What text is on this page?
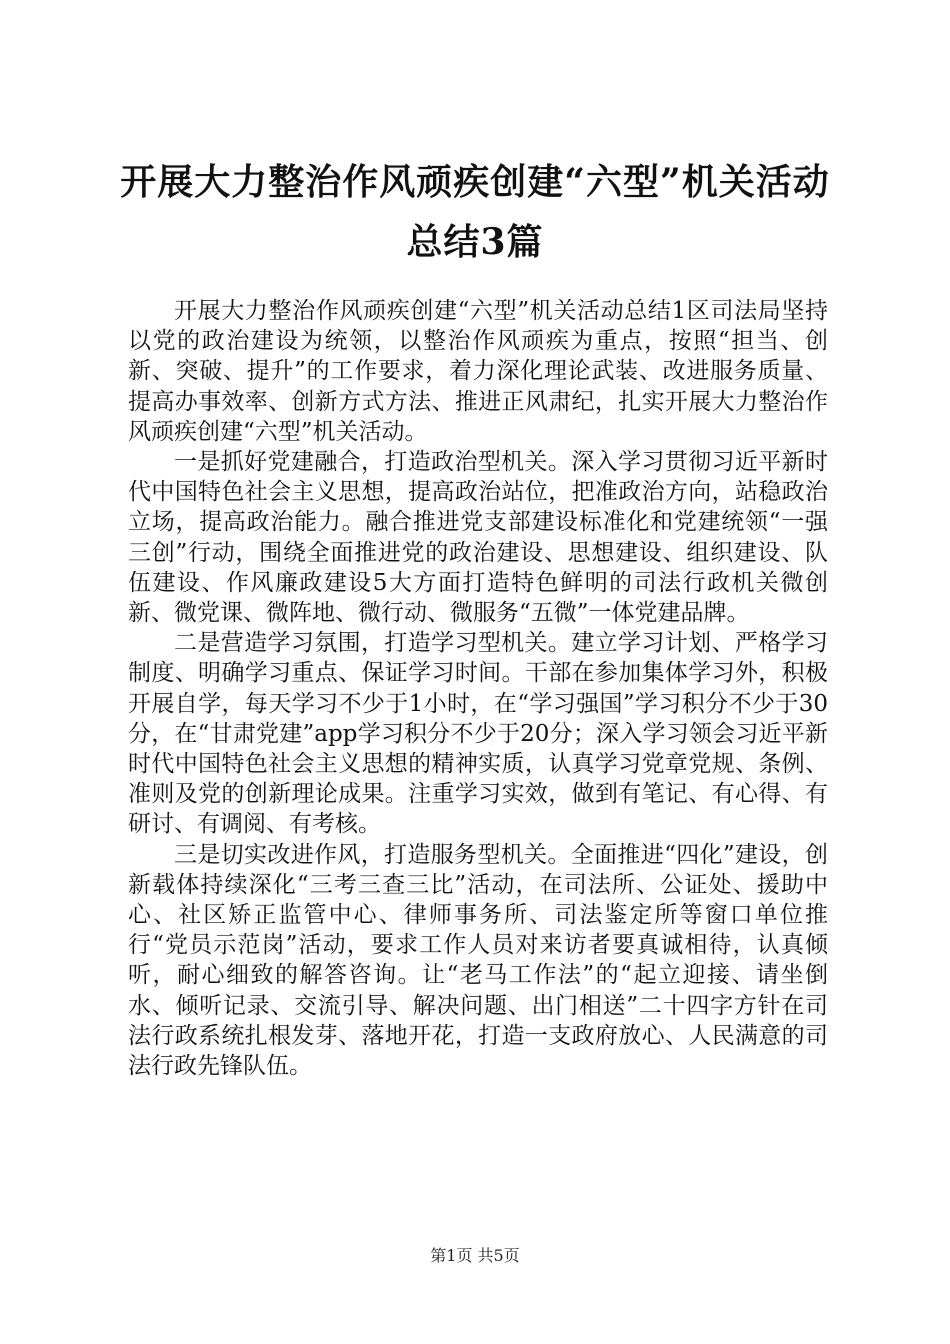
开展大力整治作风顽疾创建“六型”机关活动
总结3篇

开展大力整治作风顽疾创建“六型”机关活动总结1区司法局坚持以党的政治建设为统领，以整治作风顽疾为重点，按照“担当、创新、突破、提升”的工作要求，着力深化理论武装、改进服务质量、提高办事效率、创新方式方法、推进正风肃纪，扎实开展大力整治作风顽疾创建“六型”机关活动。

一是抓好党建融合，打造政治型机关。深入学习贯彻习近平新时代中国特色社会主义思想，提高政治站位，把准政治方向，站稳政治立场，提高政治能力。融合推进党支部建设标准化和党建统领“一强三创”行动，围绕全面推进党的政治建设、思想建设、组织建设、队伍建设、作风廉政建设5大方面打造特色鲜明的司法行政机关微创新、微党课、微阵地、微行动、微服务“五微”一体党建品牌。

二是营造学习氛围，打造学习型机关。建立学习计划、严格学习制度、明确学习重点、保证学习时间。干部在参加集体学习外，积极开展自学，每天学习不少于1小时，在“学习强国”学习积分不少于30分，在“甘肃党建”app学习积分不少于20分；深入学习领会习近平新时代中国特色社会主义思想的精神实质，认真学习党章党规、条例、准则及党的创新理论成果。注重学习实效，做到有笔记、有心得、有研讨、有调阅、有考核。

三是切实改进作风，打造服务型机关。全面推进“四化”建设，创新载体持续深化“三考三查三比”活动，在司法所、公证处、援助中心、社区矫正监管中心、律师事务所、司法鉴定所等窗口单位推行“党员示范岗”活动，要求工作人员对来访者要真诚相待，认真倾听，耐心细致的解答咨询。让“老马工作法”的“起立迎接、请坐倒水、倾听记录、交流引导、解决问题、出门相送”二十四字方针在司法行政系统扎根发芽、落地开花，打造一支政府放心、人民满意的司法行政先锋队伍。

第1页 共5页
